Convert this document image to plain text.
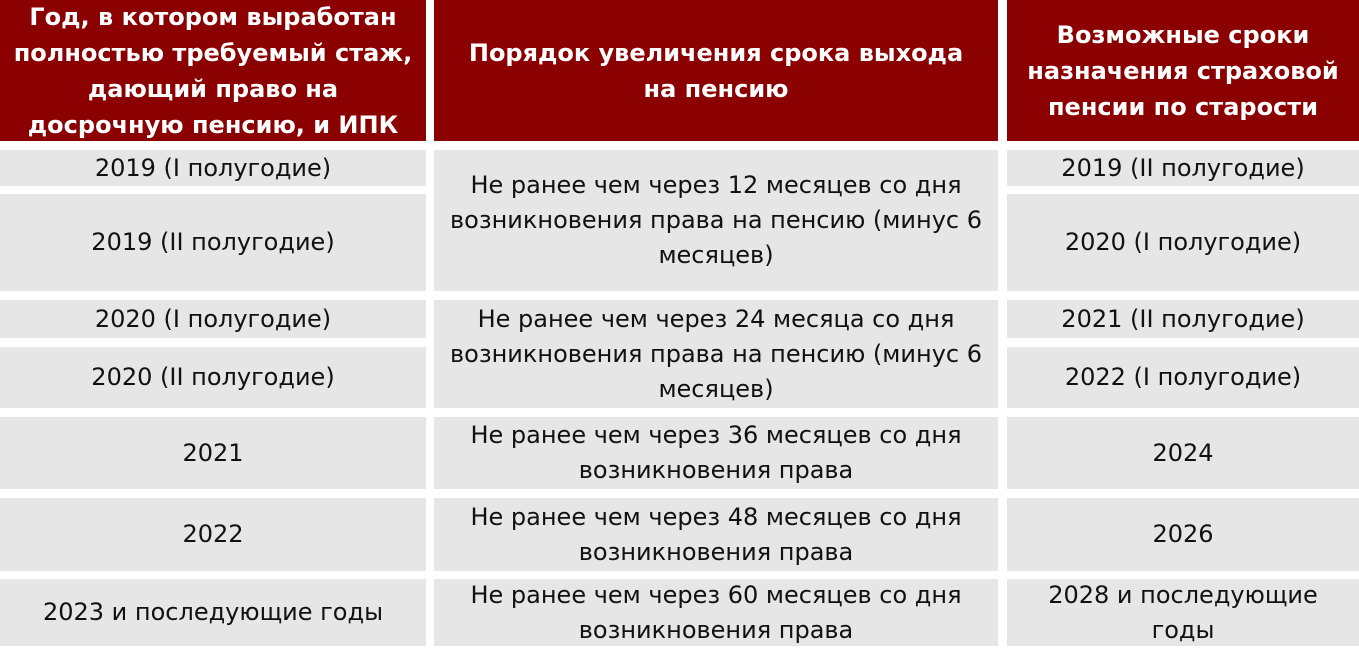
Год, в котором выработан полностью требуемый стаж, дающий право на досрочную пенсию, и ИПК
Порядок увеличения срока выхода на пенсию
Возможные сроки назначения страховой пенсии по старости
2019 (I полугодие)
2019 (II полугодие)
2020 (I полугодие)
2020 (II полугодие)
2021
2022
2023 и последующие годы
Не ранее чем через 12 месяцев со дня возникновения права на пенсию (минус 6 месяцев)
Не ранее чем через 24 месяца со дня возникновения права на пенсию (минус 6 месяцев)
Не ранее чем через 36 месяцев со дня возникновения права
Не ранее чем через 48 месяцев со дня возникновения права
Не ранее чем через 60 месяцев со дня возникновения права
2019 (II полугодие)
2020 (I полугодие)
2021 (II полугодие)
2022 (I полугодие)
2024
2026
2028 и последующие годы
